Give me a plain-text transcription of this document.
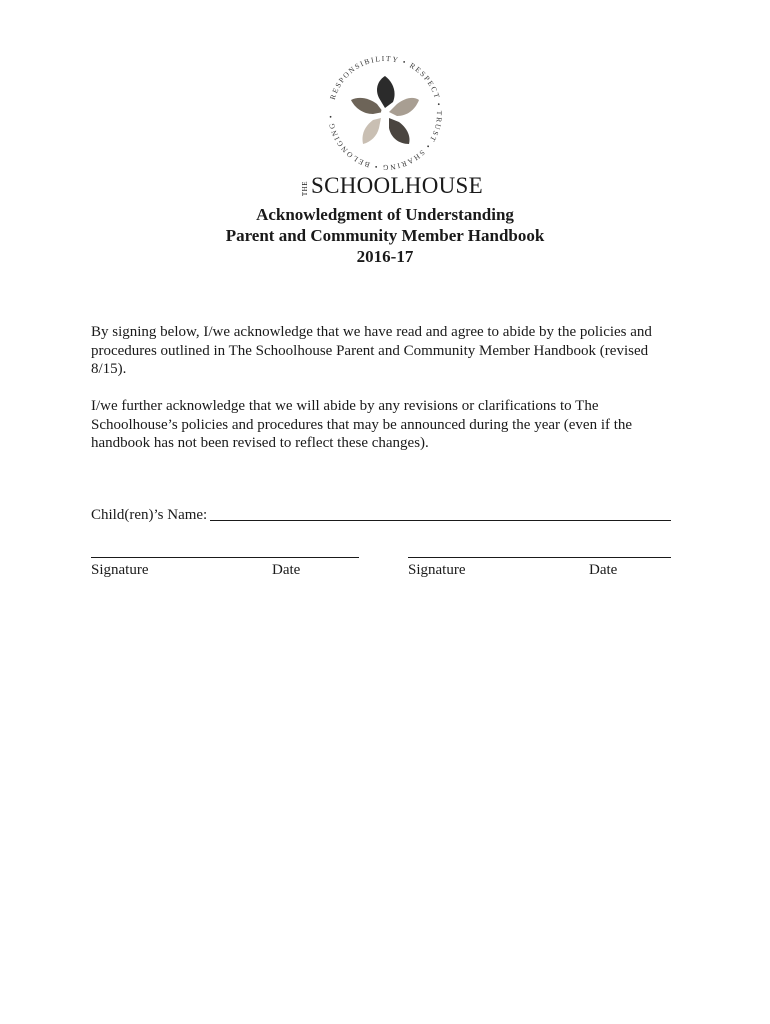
RESPONSIBILITY • RESPECT • TRUST • SHARING • BELONGING •
THE SCHOOLHOUSE
Acknowledgment of Understanding
Parent and Community Member Handbook
2016-17
By signing below, I/we acknowledge that we have read and agree to abide by the policies and procedures outlined in The Schoolhouse Parent and Community Member Handbook (revised 8/15).
I/we further acknowledge that we will abide by any revisions or clarifications to The Schoolhouse’s policies and procedures that may be announced during the year (even if the handbook has not been revised to reflect these changes).
Child(ren)’s Name:
Signature	Date	Signature	Date
